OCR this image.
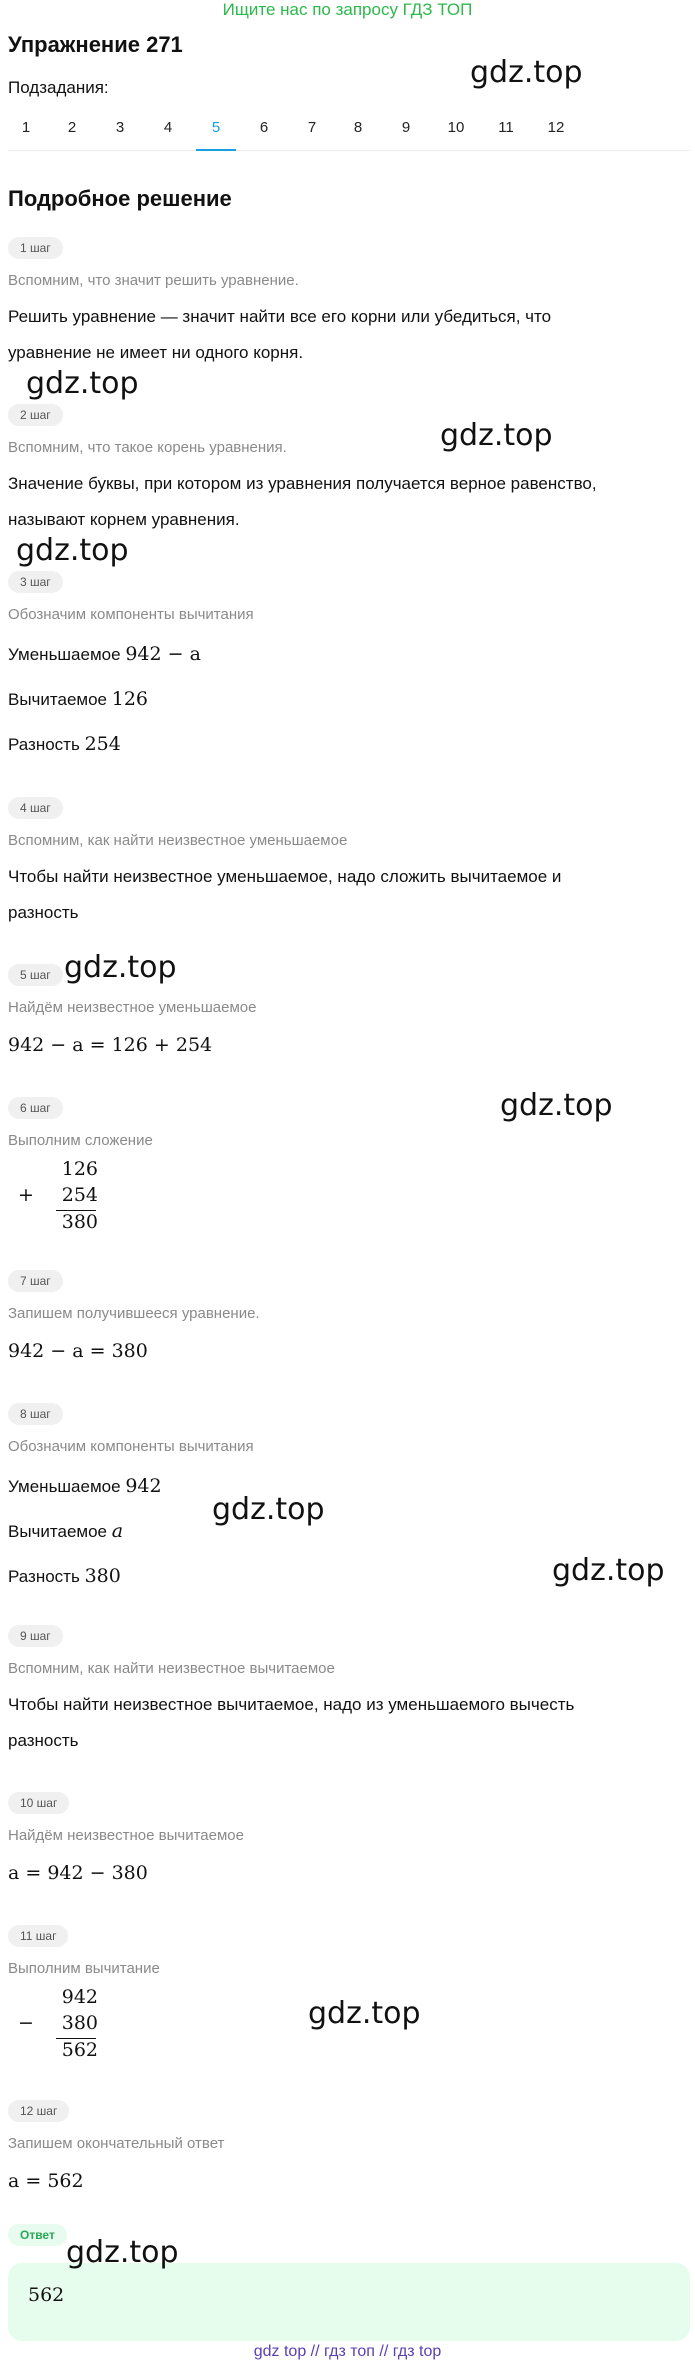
Ищите нас по запросу ГДЗ ТОП
Упражнение 271
Подзадания:
1	2	3	4	5	6	7	8	9	10	11	12
Подробное решение
1 шаг
Вспомним, что значит решить уравнение.
Решить уравнение — значит найти все его корни или убедиться, что
уравнение не имеет ни одного корня.
2 шаг
Вспомним, что такое корень уравнения.
Значение буквы, при котором из уравнения получается верное равенство,
называют корнем уравнения.
3 шаг
Обозначим компоненты вычитания
Уменьшаемое 942 − a
Вычитаемое 126
Разность 254
4 шаг
Вспомним, как найти неизвестное уменьшаемое
Чтобы найти неизвестное уменьшаемое, надо сложить вычитаемое и
разность
5 шаг
Найдём неизвестное уменьшаемое
942 − a = 126 + 254
6 шаг
Выполним сложение
+
126
254
380
7 шаг
Запишем получившееся уравнение.
942 − a = 380
8 шаг
Обозначим компоненты вычитания
Уменьшаемое 942
Вычитаемое a
Разность 380
9 шаг
Вспомним, как найти неизвестное вычитаемое
Чтобы найти неизвестное вычитаемое, надо из уменьшаемого вычесть
разность
10 шаг
Найдём неизвестное вычитаемое
a = 942 − 380
11 шаг
Выполним вычитание
−
942
380
562
12 шаг
Запишем окончательный ответ
a = 562
Ответ
562
gdz.top
gdz.top
gdz.top
gdz.top
gdz.top
gdz.top
gdz.top
gdz.top
gdz.top
gdz.top
gdz top // гдз топ // гдз top
